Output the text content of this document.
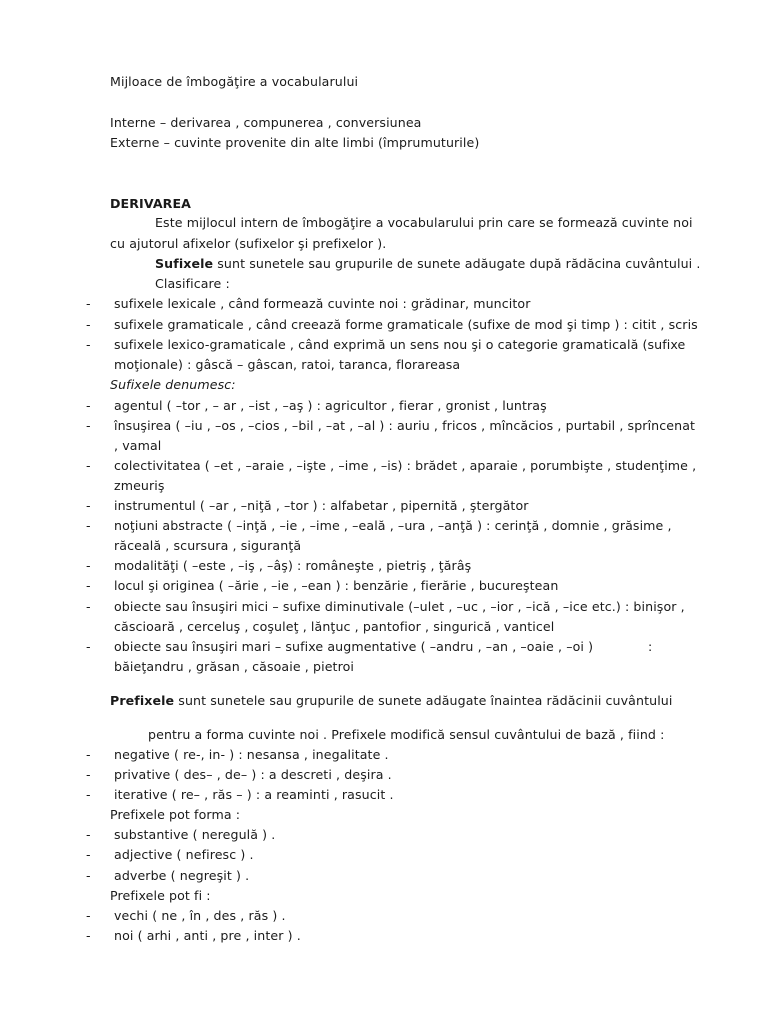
Mijloace de îmbogăţire a vocabularului
Interne – derivarea , compunerea , conversiunea
Externe – cuvinte provenite din alte limbi (împrumuturile)
DERIVAREA
Este mijlocul intern de îmbogăţire a vocabularului prin care se formează cuvinte noi
cu ajutorul afixelor (sufixelor şi prefixelor ).
Sufixele sunt sunetele sau grupurile de sunete adăugate după rădăcina cuvântului .
Clasificare :
- sufixele lexicale , când formează cuvinte noi : grădinar, muncitor
- sufixele gramaticale , când creează forme gramaticale (sufixe de mod şi timp ) : citit , scris
- sufixele lexico-gramaticale , când exprimă un sens nou şi o categorie gramaticală (sufixe
moţionale) : gâscă – gâscan, ratoi, taranca, florareasa
Sufixele denumesc:
- agentul ( –tor , – ar , –ist , –aş ) : agricultor , fierar , gronist , luntraş
- însuşirea ( –iu , –os , –cios , –bil , –at , –al ) : auriu , fricos , mîncăcios , purtabil , sprîncenat
, vamal
- colectivitatea ( –et , –araie , –işte , –ime , –is) : brădet , aparaie , porumbişte , studenţime ,
zmeuriş
- instrumentul ( –ar , –niţă , –tor ) : alfabetar , pipernită , ştergător
- noţiuni abstracte ( –inţă , –ie , –ime , –eală , –ura , –anţă ) : cerinţă , domnie , grăsime ,
răceală , scursura , siguranţă
- modalităţi ( –este , –iş , –âş) : româneşte , pietriş , ţărâş
- locul şi originea ( –ărie , –ie , –ean ) : benzărie , fierărie , bucureştean
- obiecte sau însuşiri mici – sufixe diminutivale (–ulet , –uc , –ior , –ică , –ice etc.) : binişor ,
căscioară , cerceluş , coşuleţ , lănţuc , pantofior , singurică , vanticel
- obiecte sau însuşiri mari – sufixe augmentative ( –andru , –an , –oaie , –oi )	:
băieţandru , grăsan , căsoaie , pietroi
Prefixele sunt sunetele sau grupurile de sunete adăugate înaintea rădăcinii cuvântului
pentru a forma cuvinte noi . Prefixele modifică sensul cuvântului de bază , fiind :
- negative ( re-, in- ) : nesansa , inegalitate .
- privative ( des– , de– ) : a descreti , deşira .
- iterative ( re– , răs – ) : a reaminti , rasucit .
Prefixele pot forma :
- substantive ( neregulă ) .
- adjective ( nefiresc ) .
- adverbe ( negreşit ) .
Prefixele pot fi :
- vechi ( ne , în , des , răs ) .
- noi ( arhi , anti , pre , inter ) .
